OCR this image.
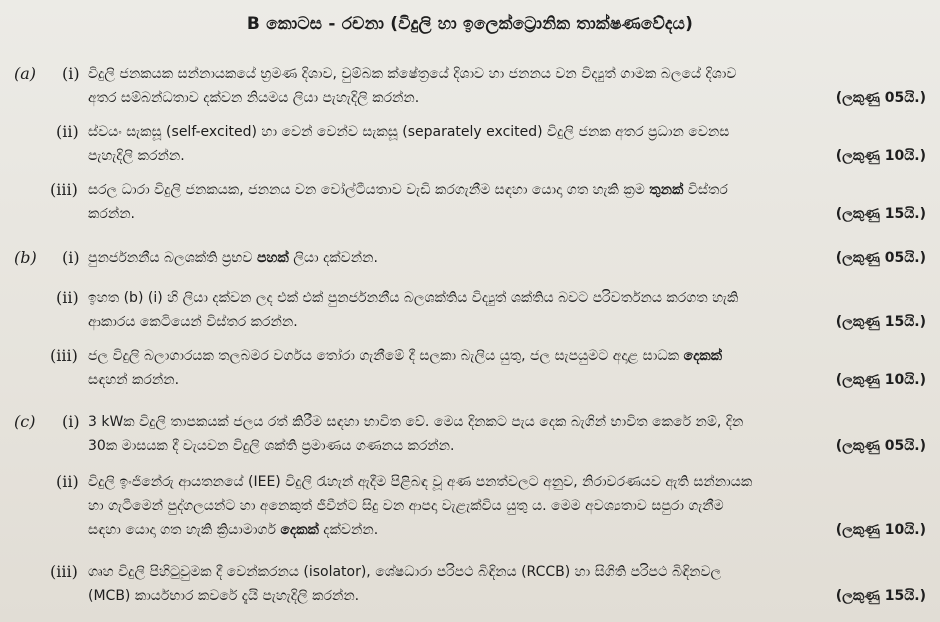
B කොටස - රචනා (විදුලි හා ඉලෙක්ට්‍රොනික තාක්ෂණවේදය)
(a) (i) විදුලි ජනකයක සන්නායකයේ භ්‍රමණ දිශාව, චුම්බක ක්ෂේත්‍රයේ දිශාව හා ජනනය වන විද්‍යුත් ගාමක බලයේ දිශාව
අතර සම්බන්ධතාව දක්වන නියමය ලියා පැහැදිලි කරන්න.	(ලකුණු 05යි.)
(ii) ස්වයං සැකසූ (self-excited) හා වෙන් වෙන්ව සැකසූ (separately excited) විදුලි ජනක අතර ප්‍රධාන වෙනස
පැහැදිලි කරන්න.	(ලකුණු 10යි.)
(iii) සරල ධාරා විදුලි ජනකයක, ජනනය වන වෝල්ටීයතාව වැඩි කරගැනීම සඳහා යොදා ගත හැකි ක්‍රම තුනක් විස්තර
කරන්න.	(ලකුණු 15යි.)
(b) (i) පුනර්ජනනීය බලශක්ති ප්‍රභව පහක් ලියා දක්වන්න.	(ලකුණු 05යි.)
(ii) ඉහත (b) (i) හි ලියා දක්වන ලද එක් එක් පුනර්ජනනීය බලශක්තිය විද්‍යුත් ශක්තිය බවට පරිවර්තනය කරගත හැකි
ආකාරය කෙටියෙන් විස්තර කරන්න.	(ලකුණු 15යි.)
(iii) ජල විදුලි බලාගාරයක තලබමර වර්ගය තෝරා ගැනීමේ දී සලකා බැලිය යුතු, ජල සැපයුමට අදාළ සාධක දෙකක්
සඳහන් කරන්න.	(ලකුණු 10යි.)
(c) (i) 3 kWක විදුලි තාපකයක් ජලය රත් කිරීම සඳහා භාවිත වේ. මෙය දිනකට පැය දෙක බැගින් භාවිත කෙරේ නම්, දින
30ක මාසයක දී වැයවන විදුලි ශක්ති ප්‍රමාණය ගණනය කරන්න.	(ලකුණු 05යි.)
(ii) විදුලි ඉංජිනේරු ආයතනයේ (IEE) විදුලි රැහැන් ඇදීම පිළිබඳ වූ අණ පනත්වලට අනුව, නිරාවරණයව ඇති සන්නායක
හා ගැටීමෙන් පුද්ගලයන්ට හා අනෙකුත් ජීවීන්ට සිදු වන ආපදා වැළැක්විය යුතු ය. මෙම අවශ්‍යතාව සපුරා ගැනීම
සඳහා යොදා ගත හැකි ක්‍රියාමාර්ග දෙකක් දක්වන්න.	(ලකුණු 10යි.)
(iii) ගෘහ විදුලි පිහිටුවුමක දී වෙන්කරනය (isolator), ශේෂධාරා පරිපථ බිඳිනය (RCCB) හා සිගිති පරිපථ බිඳිනවල
(MCB) කාර්යභාර කවරේ දැයි පැහැදිලි කරන්න.	(ලකුණු 15යි.)
